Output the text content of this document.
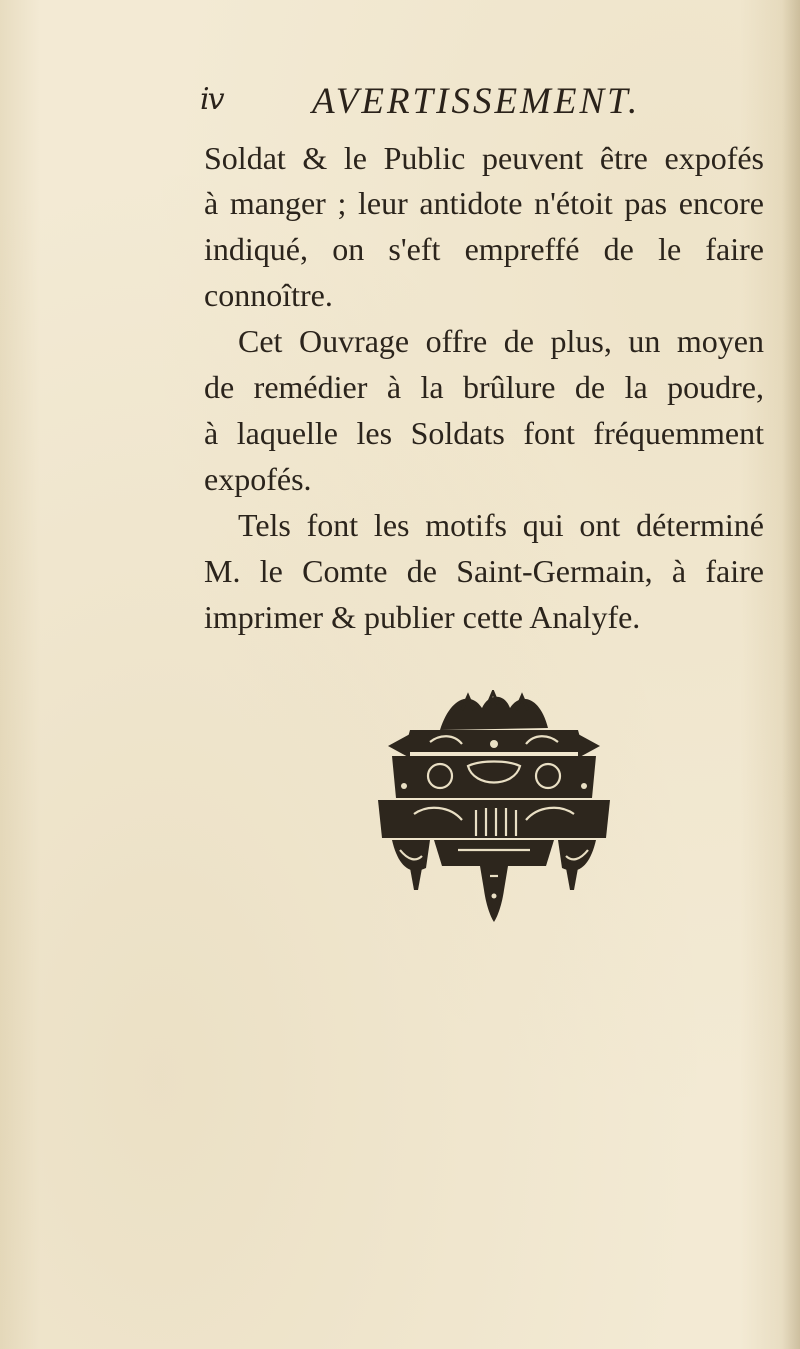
iv AVERTISSEMENT.
Soldat & le Public peuvent être expofés
à manger ; leur antidote n'étoit pas encore
indiqué, on s'eft empreffé de le faire
connoître.
Cet Ouvrage offre de plus, un moyen
de remédier à la brûlure de la poudre,
à laquelle les Soldats font fréquemment
expofés.
Tels font les motifs qui ont déterminé
M. le Comte de Saint-Germain, à faire
imprimer & publier cette Analyfe.
